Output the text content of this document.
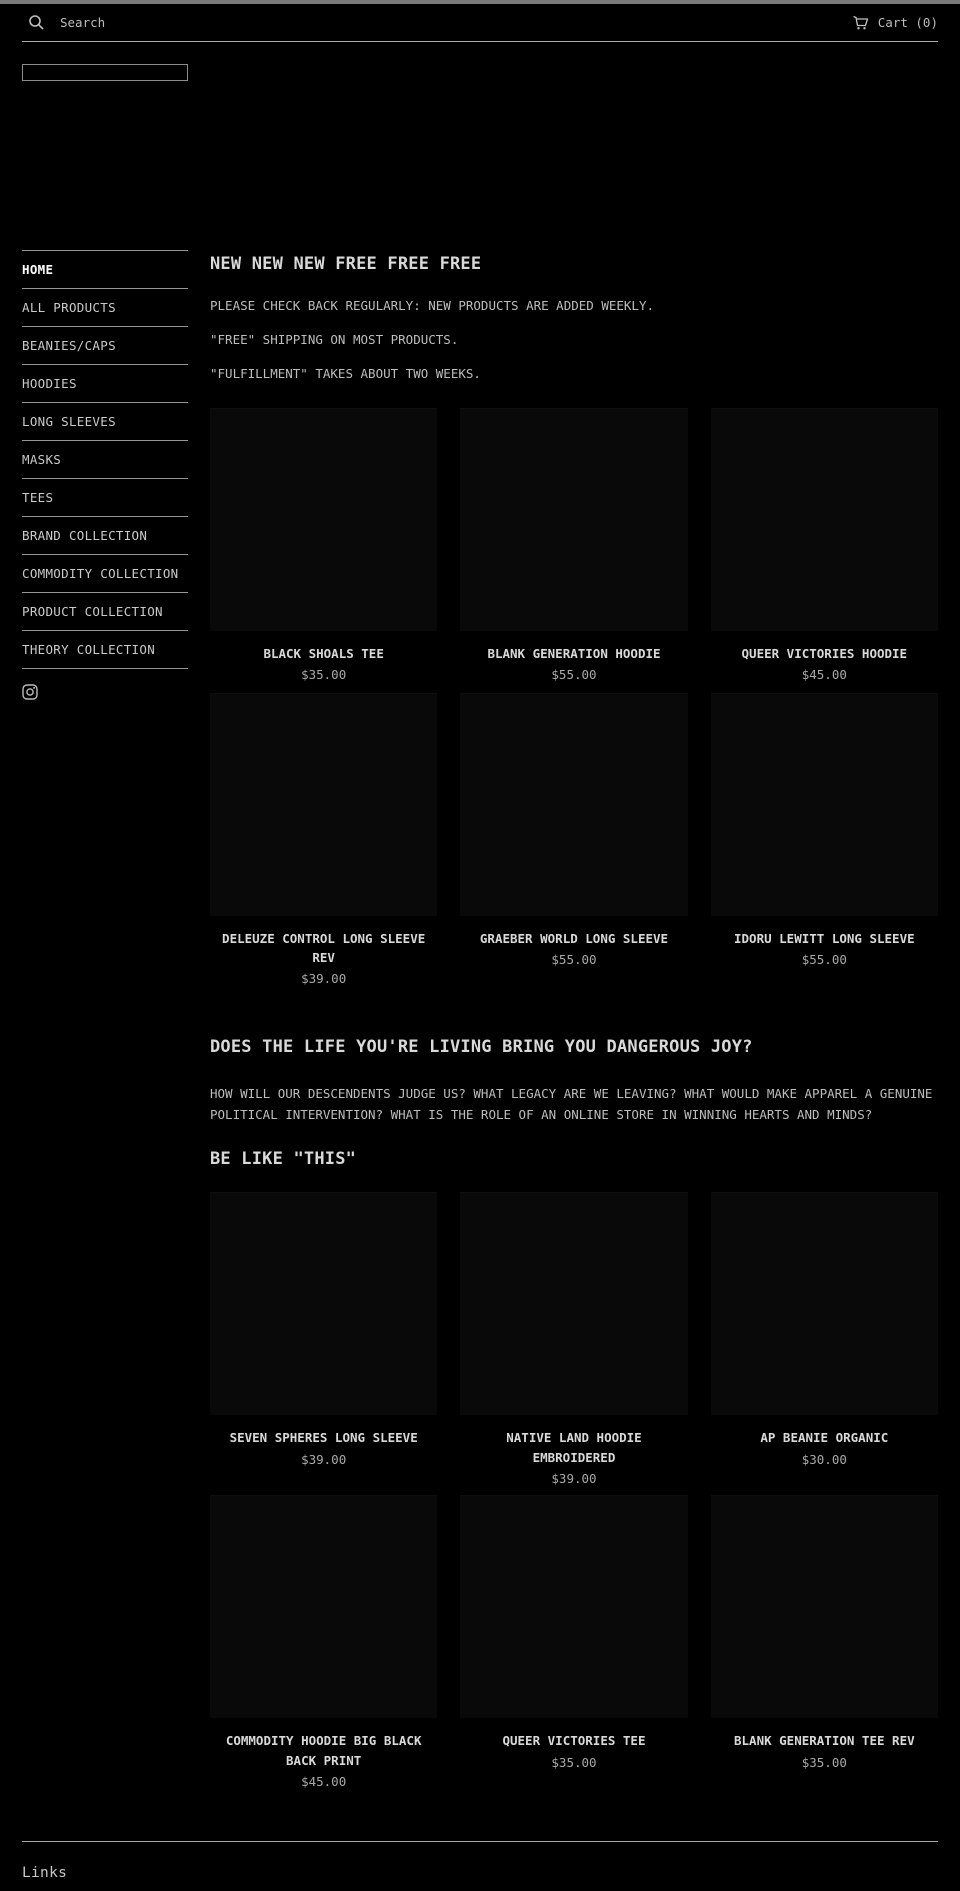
Search	Cart (0)
HOME
ALL PRODUCTS
BEANIES/CAPS
HOODIES
LONG SLEEVES
MASKS
TEES
BRAND COLLECTION
COMMODITY COLLECTION
PRODUCT COLLECTION
THEORY COLLECTION
NEW NEW NEW FREE FREE FREE

PLEASE CHECK BACK REGULARLY: NEW PRODUCTS ARE ADDED WEEKLY.

"FREE" SHIPPING ON MOST PRODUCTS.

"FULFILLMENT" TAKES ABOUT TWO WEEKS.

BLACK SHOALS TEE
$35.00
BLANK GENERATION HOODIE
$55.00
QUEER VICTORIES HOODIE
$45.00
DELEUZE CONTROL LONG SLEEVE REV
$39.00
GRAEBER WORLD LONG SLEEVE
$55.00
IDORU LEWITT LONG SLEEVE
$55.00
DOES THE LIFE YOU'RE LIVING BRING YOU DANGEROUS JOY?

HOW WILL OUR DESCENDENTS JUDGE US? WHAT LEGACY ARE WE LEAVING? WHAT WOULD MAKE APPAREL A GENUINE POLITICAL INTERVENTION? WHAT IS THE ROLE OF AN ONLINE STORE IN WINNING HEARTS AND MINDS?

BE LIKE "THIS"
SEVEN SPHERES LONG SLEEVE
$39.00
NATIVE LAND HOODIE EMBROIDERED
$39.00
AP BEANIE ORGANIC
$30.00
COMMODITY HOODIE BIG BLACK BACK PRINT
$45.00
QUEER VICTORIES TEE
$35.00
BLANK GENERATION TEE REV
$35.00
Links
